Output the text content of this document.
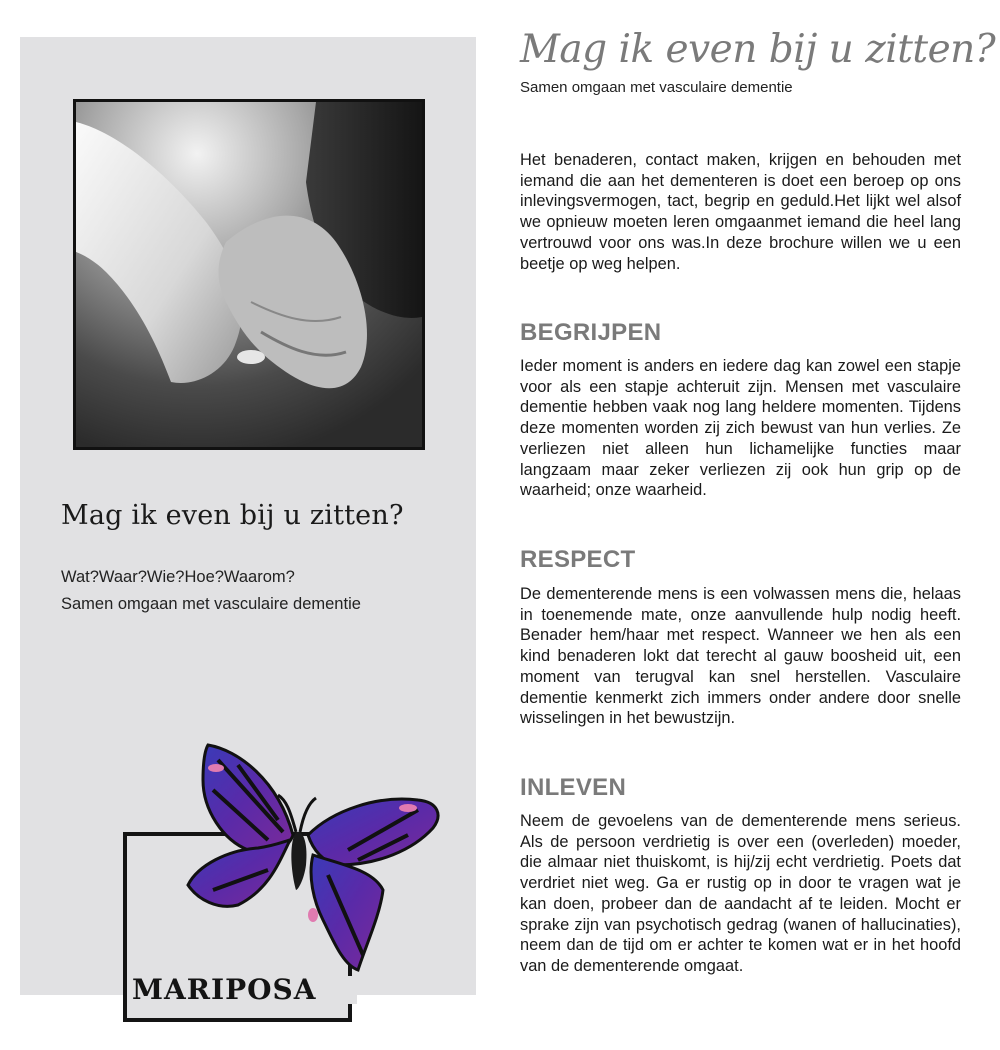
Mag ik even bij u zitten?
Wat?Waar?Wie?Hoe?Waarom?
Samen omgaan met vasculaire dementie
MARIPOSA
Mag ik even bij u zitten?
Samen omgaan met vasculaire dementie
Het benaderen, contact maken, krijgen en behouden met iemand die aan het dementeren is doet een beroep op ons inlevingsvermogen, tact, begrip en geduld.Het lijkt wel alsof we opnieuw moeten leren omgaanmet iemand die heel lang vertrouwd voor ons was.In deze brochure willen we u een beetje op weg helpen.
BEGRIJPEN
Ieder moment is anders en iedere dag kan zowel een stapje voor als een stapje achteruit zijn. Mensen met vasculaire dementie hebben vaak nog lang heldere momenten. Tijdens deze momenten worden zij zich bewust van hun verlies. Ze verliezen niet alleen hun lichamelijke functies maar langzaam maar zeker verliezen zij ook hun grip op de waarheid; onze waarheid.
RESPECT
De dementerende mens is een volwassen mens die, helaas in toenemende mate, onze aanvullende hulp nodig heeft. Benader hem/haar met respect. Wanneer we hen als een kind benaderen lokt dat terecht al gauw boosheid uit, een moment van terugval kan snel herstellen. Vasculaire dementie kenmerkt zich immers onder andere door snelle wisselingen in het bewustzijn.
INLEVEN
Neem de gevoelens van de dementerende mens serieus. Als de persoon verdrietig is over een (overleden) moeder, die almaar niet thuiskomt, is hij/zij echt verdrietig. Poets dat verdriet niet weg. Ga er rustig op in door te vragen wat je kan doen, probeer dan de aandacht af te leiden. Mocht er sprake zijn van psychotisch gedrag (wanen of hallucinaties), neem dan de tijd om er achter te komen wat er in het hoofd van de dementerende omgaat.
